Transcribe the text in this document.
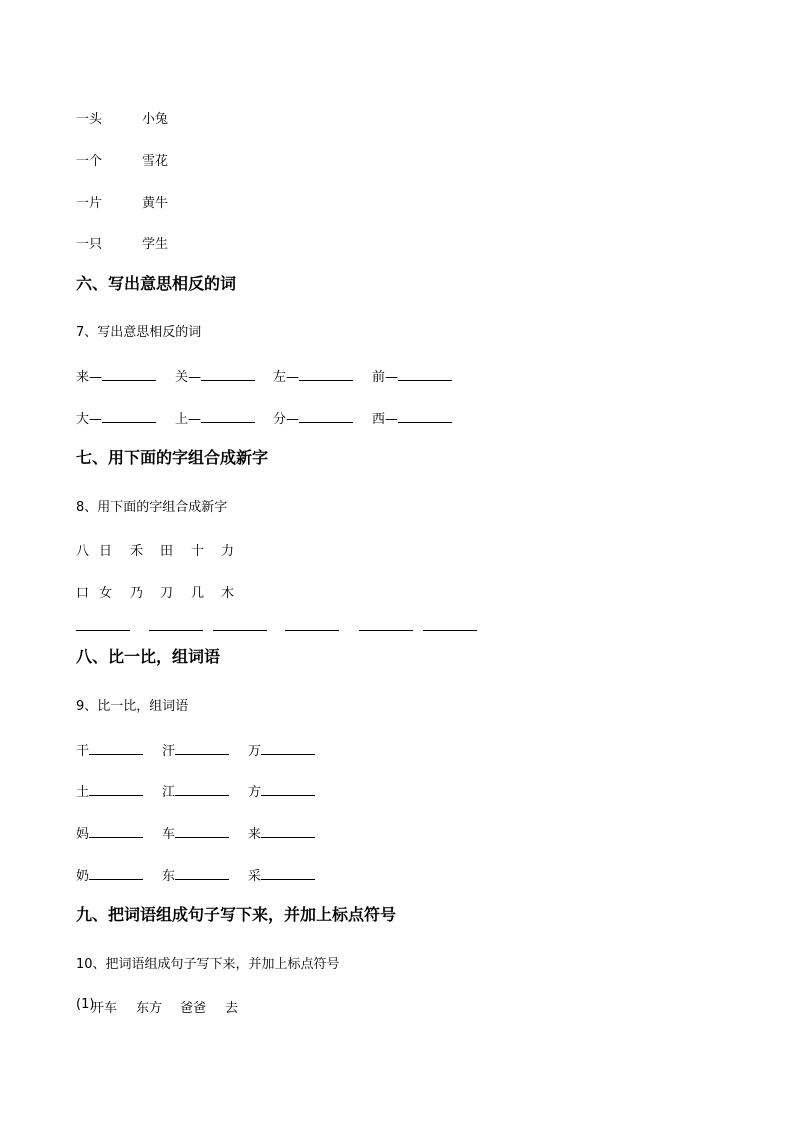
一头	小兔
一个	雪花
一片	黄牛
一只	学生
六、写出意思相反的词
7、写出意思相反的词
来—	关—	左—	前—
大—	上—	分—	西—
七、用下面的字组合成新字
8、用下面的字组合成新字
八 日 禾 田 十 力
口 女 乃 刀 几 木
八、比一比，组词语
9、比一比，组词语
干	汗	万
土	江	方
妈	车	来
奶	东	采
九、把词语组成句子写下来，并加上标点符号
10、把词语组成句子写下来，并加上标点符号
(1)
开车 东方 爸爸 去
